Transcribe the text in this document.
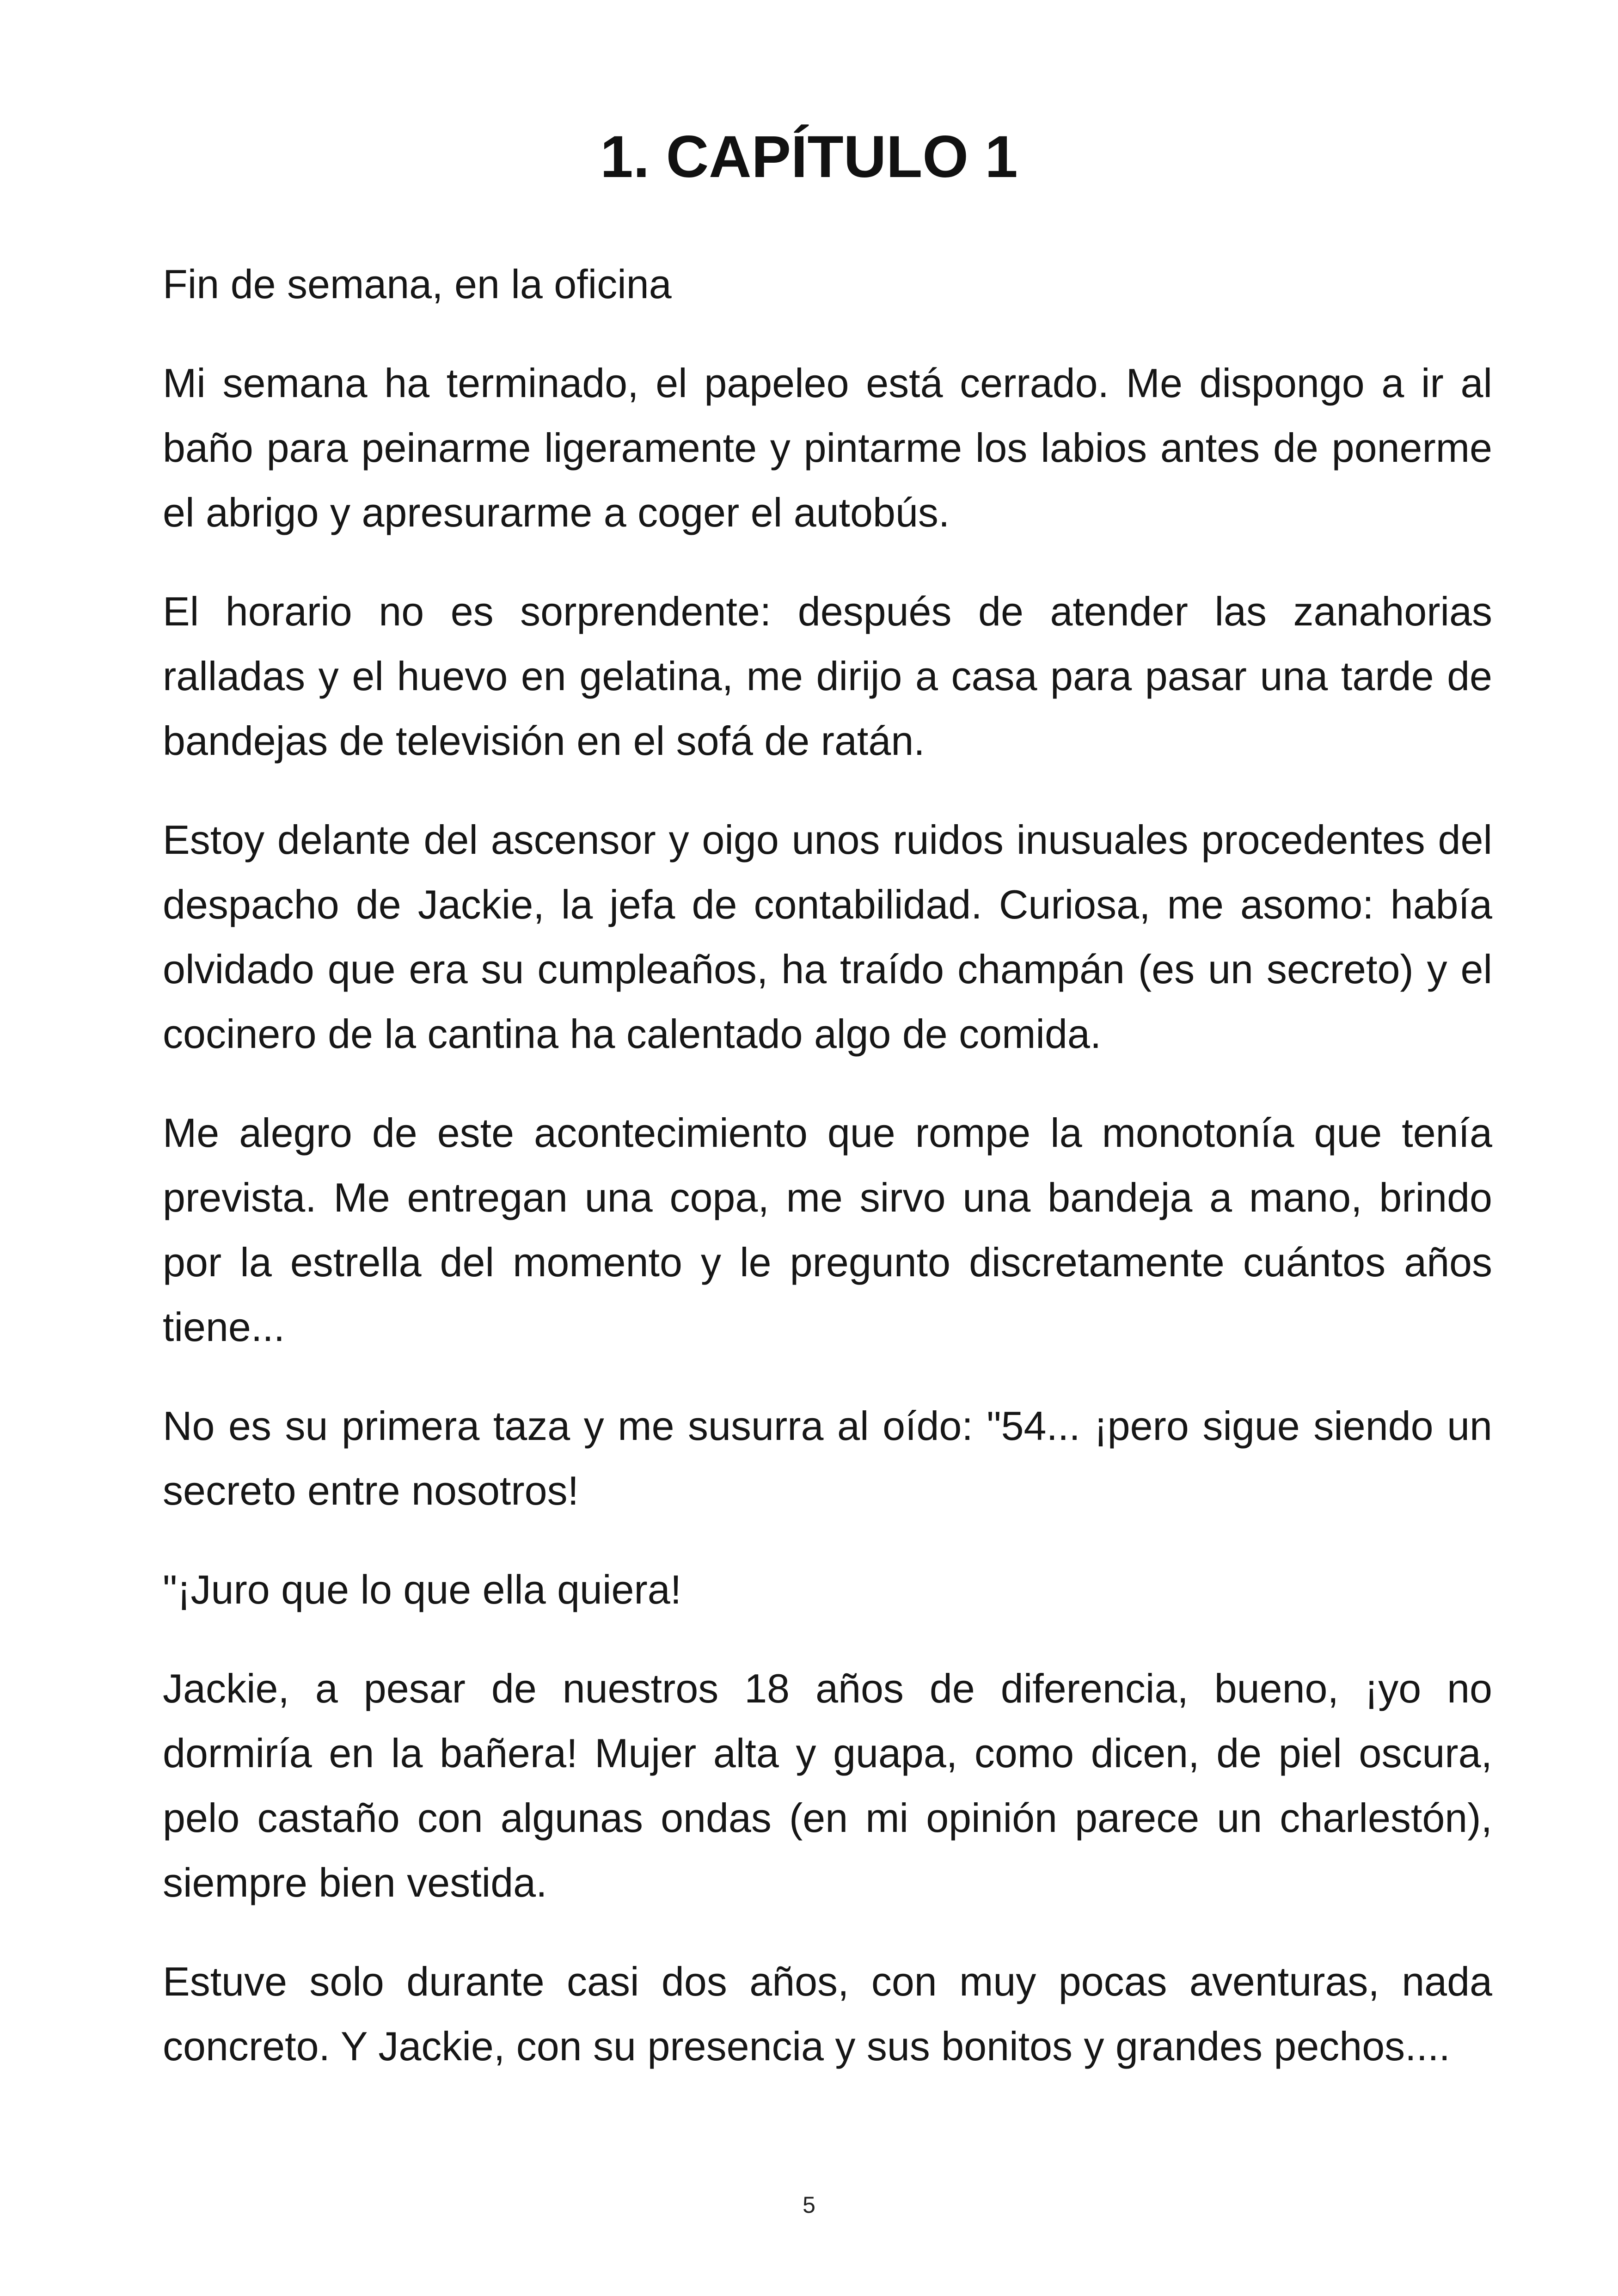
1. CAPÍTULO 1

Fin de semana, en la oficina

Mi semana ha terminado, el papeleo está cerrado. Me dispongo a ir al baño para peinarme ligeramente y pintarme los labios antes de ponerme el abrigo y apresurarme a coger el autobús.

El horario no es sorprendente: después de atender las zanahorias ralladas y el huevo en gelatina, me dirijo a casa para pasar una tarde de bandejas de televisión en el sofá de ratán.

Estoy delante del ascensor y oigo unos ruidos inusuales procedentes del despacho de Jackie, la jefa de contabilidad. Curiosa, me asomo: había olvidado que era su cumpleaños, ha traído champán (es un secreto) y el cocinero de la cantina ha calentado algo de comida.

Me alegro de este acontecimiento que rompe la monotonía que tenía prevista. Me entregan una copa, me sirvo una bandeja a mano, brindo por la estrella del momento y le pregunto discretamente cuántos años tiene...

No es su primera taza y me susurra al oído: "54... ¡pero sigue siendo un secreto entre nosotros!

"¡Juro que lo que ella quiera!

Jackie, a pesar de nuestros 18 años de diferencia, bueno, ¡yo no dormiría en la bañera! Mujer alta y guapa, como dicen, de piel oscura, pelo castaño con algunas ondas (en mi opinión parece un charlestón), siempre bien vestida.

Estuve solo durante casi dos años, con muy pocas aventuras, nada concreto. Y Jackie, con su presencia y sus bonitos y grandes pechos....

5
